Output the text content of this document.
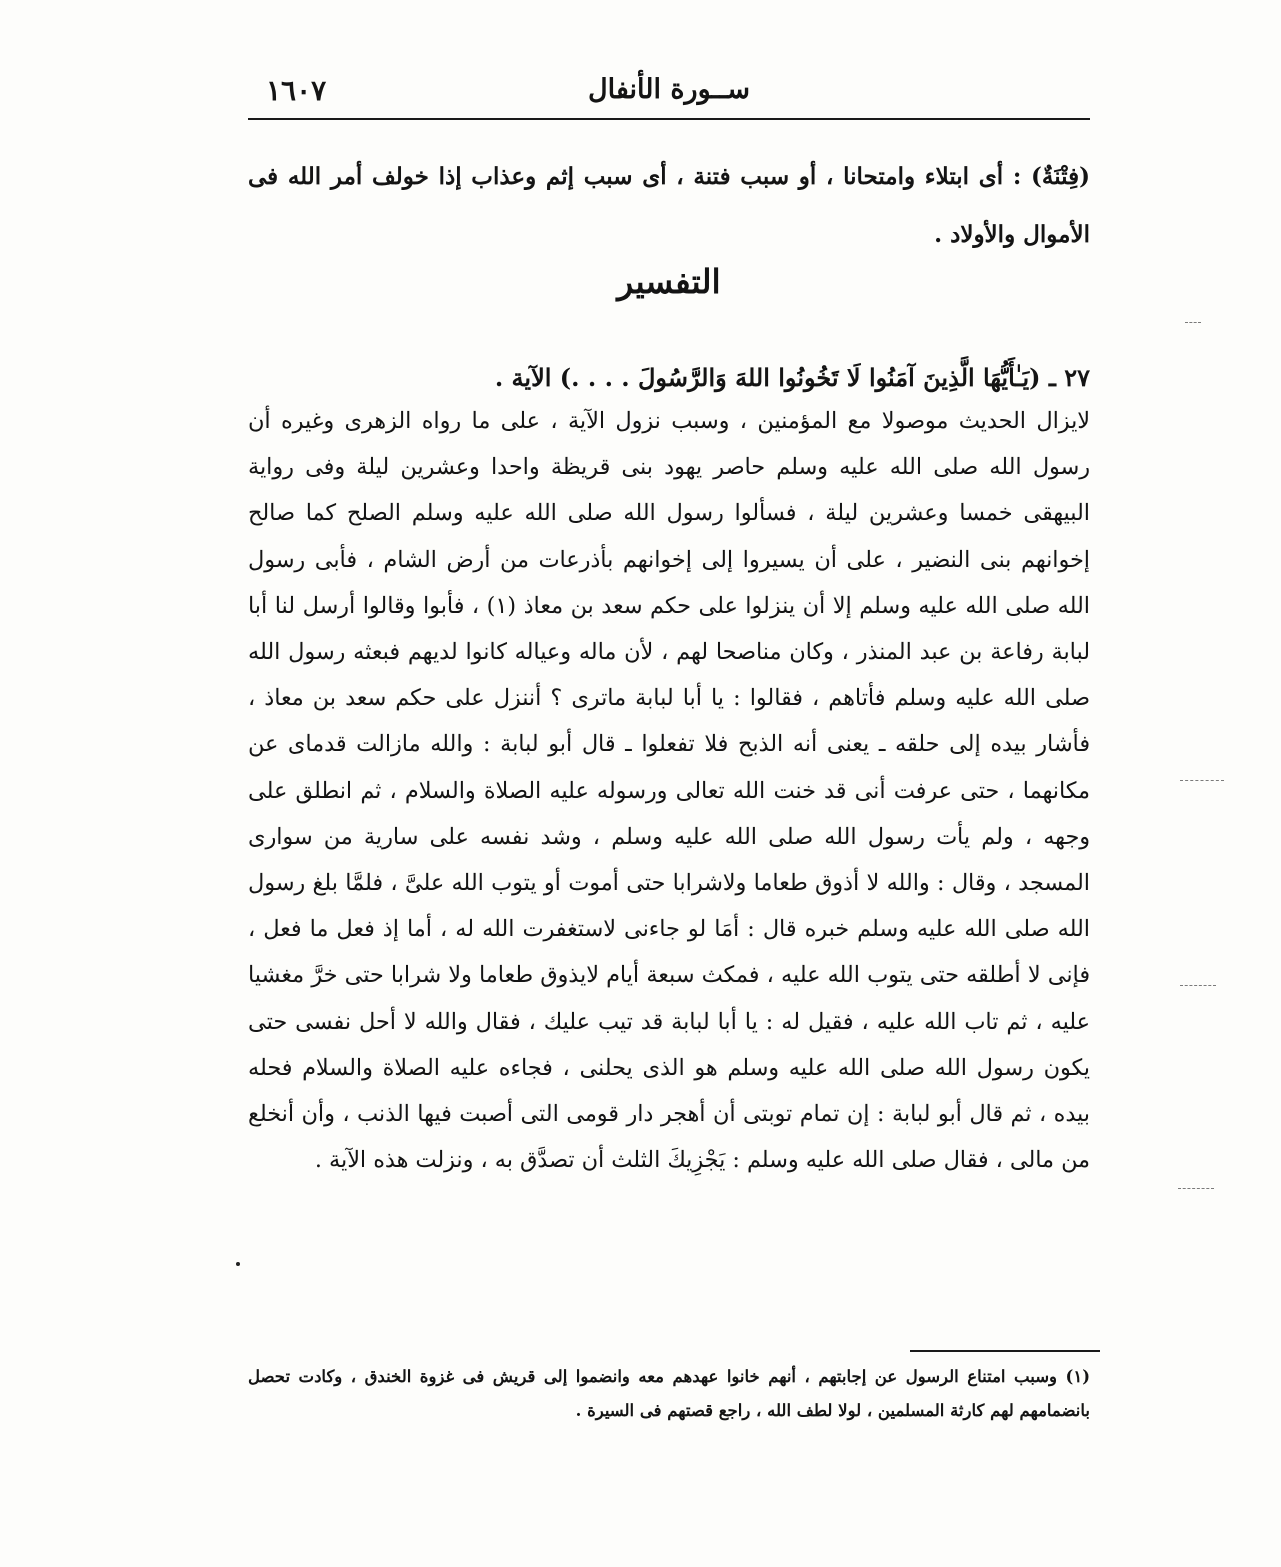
ســورة الأنفال
١٦٠٧

(فِتْنَةٌ) : أى ابتلاء وامتحانا ، أو سبب فتنة ، أى سبب إثم وعذاب إذا خولف أمر الله فى الأموال والأولاد .

التفسير

٢٧ ـ (يَـٰأَيُّهَا الَّذِينَ آمَنُوا لَا تَخُونُوا اللهَ وَالرَّسُولَ . . . .) الآية .

لايزال الحديث موصولا مع المؤمنين ، وسبب نزول الآية ، على ما رواه الزهرى وغيره أن رسول الله صلى الله عليه وسلم حاصر يهود بنى قريظة واحدا وعشرين ليلة وفى رواية البيهقى خمسا وعشرين ليلة ، فسألوا رسول الله صلى الله عليه وسلم الصلح كما صالح إخوانهم بنى النضير ، على أن يسيروا إلى إخوانهم بأذرعات من أرض الشام ، فأبى رسول الله صلى الله عليه وسلم إلا أن ينزلوا على حكم سعد بن معاذ (١) ، فأبوا وقالوا أرسل لنا أبا لبابة رفاعة بن عبد المنذر ، وكان مناصحا لهم ، لأن ماله وعياله كانوا لديهم فبعثه رسول الله صلى الله عليه وسلم فأتاهم ، فقالوا : يا أبا لبابة ماترى ؟ أننزل على حكم سعد بن معاذ ، فأشار بيده إلى حلقه ـ يعنى أنه الذبح فلا تفعلوا ـ قال أبو لبابة : والله مازالت قدماى عن مكانهما ، حتى عرفت أنى قد خنت الله تعالى ورسوله عليه الصلاة والسلام ، ثم انطلق على وجهه ، ولم يأت رسول الله صلى الله عليه وسلم ، وشد نفسه على سارية من سوارى المسجد ، وقال : والله لا أذوق طعاما ولاشرابا حتى أموت أو يتوب الله علىَّ ، فلمَّا بلغ رسول الله صلى الله عليه وسلم خبره قال : أمَا لو جاءنى لاستغفرت الله له ، أما إذ فعل ما فعل ، فإنى لا أطلقه حتى يتوب الله عليه ، فمكث سبعة أيام لايذوق طعاما ولا شرابا حتى خرَّ مغشيا عليه ، ثم تاب الله عليه ، فقيل له : يا أبا لبابة قد تيب عليك ، فقال والله لا أحل نفسى حتى يكون رسول الله صلى الله عليه وسلم هو الذى يحلنى ، فجاءه عليه الصلاة والسلام فحله بيده ، ثم قال أبو لبابة : إن تمام توبتى أن أهجر دار قومى التى أصبت فيها الذنب ، وأن أنخلع من مالى ، فقال صلى الله عليه وسلم : يَجْزِيكَ الثلث أن تصدَّق به ، ونزلت هذه الآية .

(١) وسبب امتناع الرسول عن إجابتهم ، أنهم خانوا عهدهم معه وانضموا إلى قريش فى غزوة الخندق ، وكادت تحصل بانضمامهم لهم كارثة المسلمين ، لولا لطف الله ، راجع قصتهم فى السيرة .
